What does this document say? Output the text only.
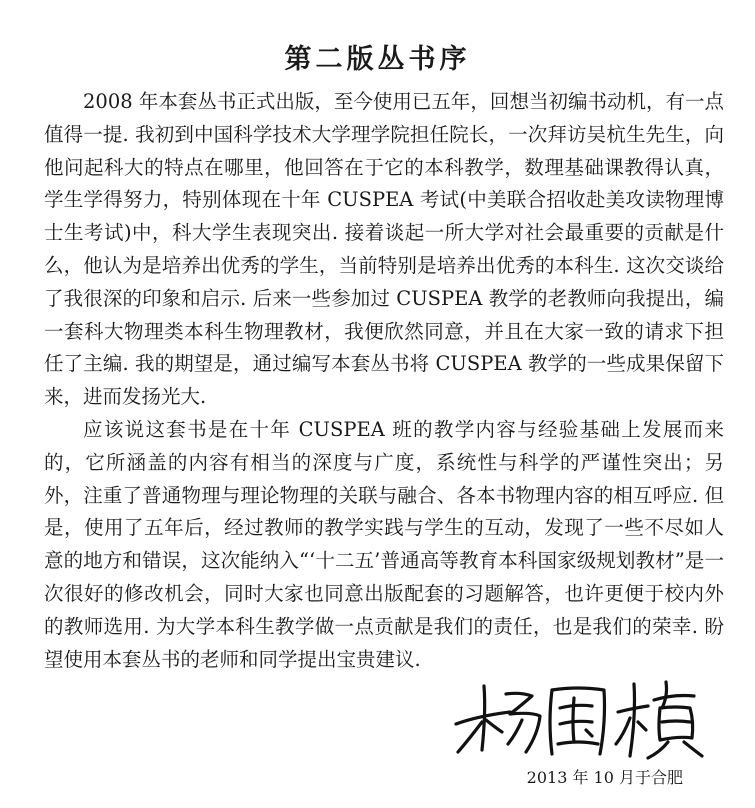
第二版丛书序

2008 年本套丛书正式出版，至今使用已五年，回想当初编书动机，有一点值得一提. 我初到中国科学技术大学理学院担任院长，一次拜访吴杭生先生，向他问起科大的特点在哪里，他回答在于它的本科教学，数理基础课教得认真，学生学得努力，特别体现在十年 CUSPEA 考试(中美联合招收赴美攻读物理博士生考试)中，科大学生表现突出. 接着谈起一所大学对社会最重要的贡献是什么，他认为是培养出优秀的学生，当前特别是培养出优秀的本科生. 这次交谈给了我很深的印象和启示. 后来一些参加过 CUSPEA 教学的老教师向我提出，编一套科大物理类本科生物理教材，我便欣然同意，并且在大家一致的请求下担任了主编. 我的期望是，通过编写本套丛书将 CUSPEA 教学的一些成果保留下来，进而发扬光大.

应该说这套书是在十年 CUSPEA 班的教学内容与经验基础上发展而来的，它所涵盖的内容有相当的深度与广度，系统性与科学的严谨性突出；另外，注重了普通物理与理论物理的关联与融合、各本书物理内容的相互呼应. 但是，使用了五年后，经过教师的教学实践与学生的互动，发现了一些不尽如人意的地方和错误，这次能纳入“‘十二五’普通高等教育本科国家级规划教材”是一次很好的修改机会，同时大家也同意出版配套的习题解答，也许更便于校内外的教师选用. 为大学本科生教学做一点贡献是我们的责任，也是我们的荣幸. 盼望使用本套丛书的老师和同学提出宝贵建议.

2013 年 10 月于合肥
